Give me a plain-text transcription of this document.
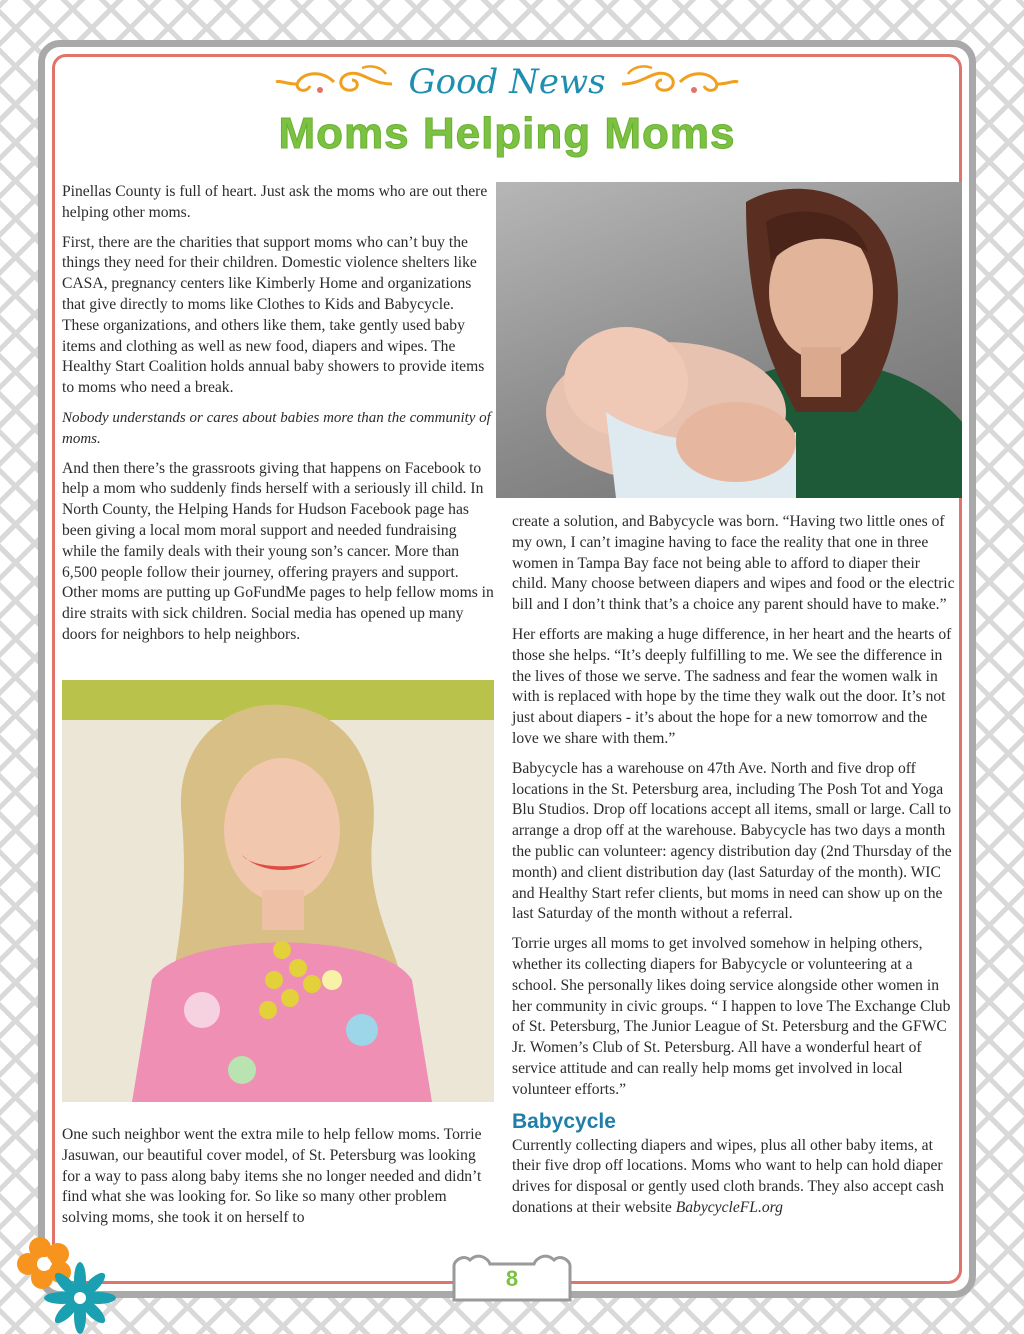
Good News
Moms Helping Moms

Pinellas County is full of heart. Just ask the moms who are out there helping other moms.

First, there are the charities that support moms who can’t buy the things they need for their children. Domestic violence shelters like CASA, pregnancy centers like Kimberly Home and organizations that give directly to moms like Clothes to Kids and Babycycle. These organizations, and others like them, take gently used baby items and clothing as well as new food, diapers and wipes. The Healthy Start Coalition holds annual baby showers to provide items to moms who need a break.

Nobody understands or cares about babies more than the community of moms.

And then there’s the grassroots giving that happens on Facebook to help a mom who suddenly finds herself with a seriously ill child. In North County, the Helping Hands for Hudson Facebook page has been giving a local mom moral support and needed fundraising while the family deals with their young son’s cancer. More than 6,500 people follow their journey, offering prayers and support. Other moms are putting up GoFundMe pages to help fellow moms in dire straits with sick children. Social media has opened up many doors for neighbors to help neighbors.

One such neighbor went the extra mile to help fellow moms. Torrie Jasuwan, our beautiful cover model, of St. Petersburg was looking for a way to pass along baby items she no longer needed and didn’t find what she was looking for. So like so many other problem solving moms, she took it on herself to

create a solution, and Babycycle was born. “Having two little ones of my own, I can’t imagine having to face the reality that one in three women in Tampa Bay face not being able to afford to diaper their child. Many choose between diapers and wipes and food or the electric bill and I don’t think that’s a choice any parent should have to make.”

Her efforts are making a huge difference, in her heart and the hearts of those she helps. “It’s deeply fulfilling to me. We see the difference in the lives of those we serve. The sadness and fear the women walk in with is replaced with hope by the time they walk out the door. It’s not just about diapers - it’s about the hope for a new tomorrow and the love we share with them.”

Babycycle has a warehouse on 47th Ave. North and five drop off locations in the St. Petersburg area, including The Posh Tot and Yoga Blu Studios. Drop off locations accept all items, small or large. Call to arrange a drop off at the warehouse. Babycycle has two days a month the public can volunteer: agency distribution day (2nd Thursday of the month) and client distribution day (last Saturday of the month). WIC and Healthy Start refer clients, but moms in need can show up on the last Saturday of the month without a referral.

Torrie urges all moms to get involved somehow in helping others, whether its collecting diapers for Babycycle or volunteering at a school. She personally likes doing service alongside other women in her community in civic groups. “ I happen to love The Exchange Club of St. Petersburg, The Junior League of St. Petersburg and the GFWC Jr. Women’s Club of St. Petersburg. All have a wonderful heart of service attitude and can really help moms get involved in local volunteer efforts.”

Babycycle

Currently collecting diapers and wipes, plus all other baby items, at their five drop off locations. Moms who want to help can hold diaper drives for disposal or gently used cloth brands. They also accept cash donations at their website BabycycleFL.org

8
